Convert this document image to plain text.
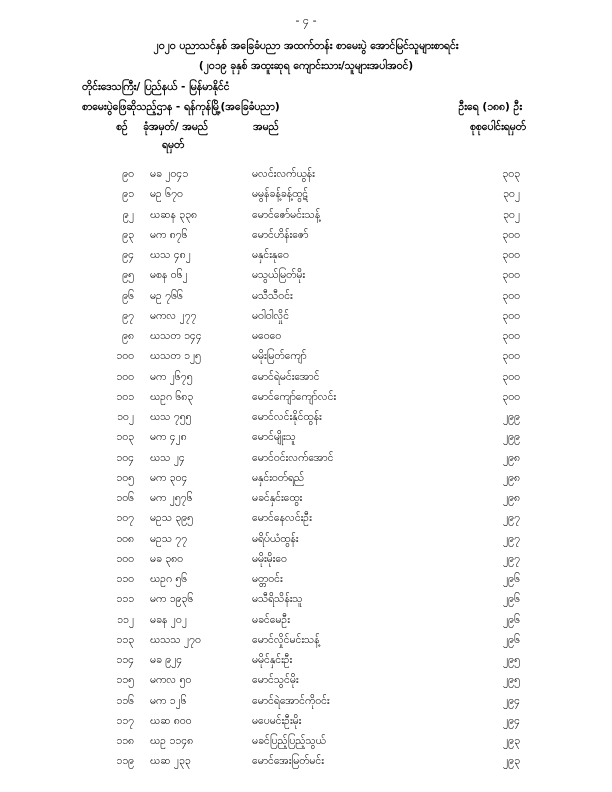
- ၄ -
၂၀၂၀ ပညာသင်နှစ် အခြေခံပညာ အထက်တန်း စာမေးပွဲ အောင်မြင်သူများစာရင်း
(၂၀၁၉ ခုနှစ် အထူးဆုရ ကျောင်းသား/သူများအပါအဝင်)
တိုင်းဒေသကြီး/ ပြည်နယ် - မြန်မာနိုင်ငံ
စာမေးပွဲဖြေဆိုသည့်ဌာန - ရန်ကုန်မြို့(အခြေခံပညာ)	ဦးရေ (၁၈၈) ဦး
စဉ်	ခုံအမှတ်/ အမည်
ရမှတ်
အမည်	စုစုပေါင်းရမှတ်
၉၀ မခ ၂၀၄၁	မလင်းလက်ယွန်း	၃၀၃
၉၁ မဥ ၆၇၀	မမွန်ခန့်ခန့်ထွဋ်	၃၀၂
၉၂ ဃဆန ၃၃၈	မောင်ဇော်မင်းသန့်	၃၀၂
၉၃ မက ၈၇၆	မောင်ဟိန်းဇော်	၃၀၀
၉၄ ဃသ ၄၈၂	မနှင်းနုဝေ	၃၀၀
၉၅ မစန ၀၆၂	မသွယ်မြတ်မိုး	၃၀၀
၉၆ မဥ ၇၆၆	မသီသီဝင်း	၃၀၀
၉၇ မကလ ၂၇၇	မဝါဝါလှိုင်	၃၀၀
၉၈ ဃသတ ၁၄၄	မဝေဝေ	၃၀၀
၁၀၀ ဃသတ ၁၂၅	မမိုးမြတ်ကျော်	၃၀၀
၁၀၀ မက ၂၆၇၅	မောင်ရဲမင်းအောင်	၃၀၀
၁၀၁ ဃဥဂ ၆၈၃	မောင်ကျော်ကျော်လင်း	၃၀၀
၁၀၂ ဃသ ၇၅၅	မောင်လင်းနိုင်ထွန်း	၂၉၉
၁၀၃ မက ၄၂၈	မောင်မျိုးသူ	၂၉၉
၁၀၄ ဃသ ၂၄	မောင်ဝင်းလက်အောင်	၂၉၈
၁၀၅ မက ၃၀၄	မနှင်းဝတ်ရည်	၂၉၈
၁၀၆ မက ၂၅၇၆	မခင်နှင်းထွေး	၂၉၈
၁၀၇ မဥသ ၃၉၅	မောင်နေလင်းဦး	၂၉၇
၁၀၈ မဥသ ၇၇	မရိပ်ယံထွန်း	၂၉၇
၁၀၀ မခ ၃၈၀	မမိုးမိုးဝေ	၂၉၇
၁၁၀ ဃဥဂ ၅၆	မတ္တဝင်း	၂၉၆
၁၁၁ မက ၁၉၃၆	မသီရိသိန်းသူ	၂၉၆
၁၁၂ မခန ၂၀၂	မခင်မေဦး	၂၉၆
၁၁၃ ဃသသ ၂၇၀	မောင်လှိုင်မင်းသန့်	၂၉၆
၁၁၄ မခ ၉၂၄	မမိုင်နှင်းဦး	၂၉၅
၁၁၅ မကလ ၅၀	မောင်သွင်မိုး	၂၉၅
၁၁၆ မက ၁၂၆	မောင်ရဲအောင်ကိုဝင်း	၂၉၄
၁၁၇ ဃဆ ၈၀၀	မပေမင်းဦးမိုး	၂၉၄
၁၁၈ ဃဥ ၁၁၄၈	မခင်ပြည့်ပြည့်သွယ်	၂၉၃
၁၁၉ ဃဆ ၂၃၃	မောင်အေးမြတ်မင်း	၂၉၃
